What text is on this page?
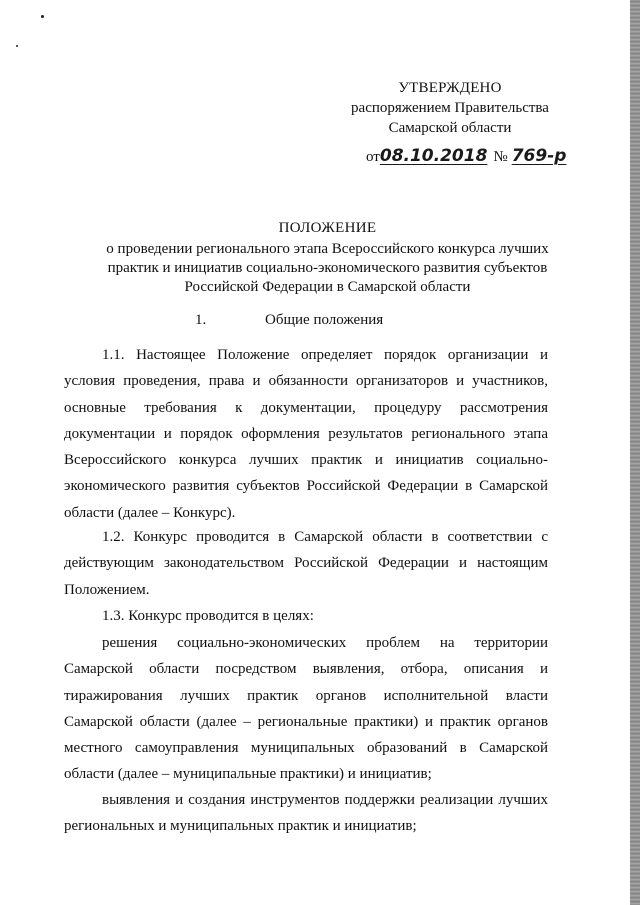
УТВЕРЖДЕНО
распоряжением Правительства
Самарской области
от08.10.2018 № 769-р
ПОЛОЖЕНИЕ
о проведении регионального этапа Всероссийского конкурса лучших
практик и инициатив социально-экономического развития субъектов
Российской Федерации в Самарской области
1.	Общие положения
1.1. Настоящее Положение определяет порядок организации и условия проведения, права и обязанности организаторов и участников, основные требования к документации, процедуру рассмотрения документации и порядок оформления результатов регионального этапа Всероссийского конкурса лучших практик и инициатив социально-экономического развития субъектов Российской Федерации в Самарской области (далее – Конкурс).
1.2. Конкурс проводится в Самарской области в соответствии с действующим законодательством Российской Федерации и настоящим Положением.
1.3. Конкурс проводится в целях:
решения социально-экономических проблем на территории Самарской области посредством выявления, отбора, описания и тиражирования лучших практик органов исполнительной власти Самарской области (далее – региональные практики) и практик органов местного самоуправления муниципальных образований в Самарской области (далее – муниципальные практики) и инициатив;
выявления и создания инструментов поддержки реализации лучших региональных и муниципальных практик и инициатив;
